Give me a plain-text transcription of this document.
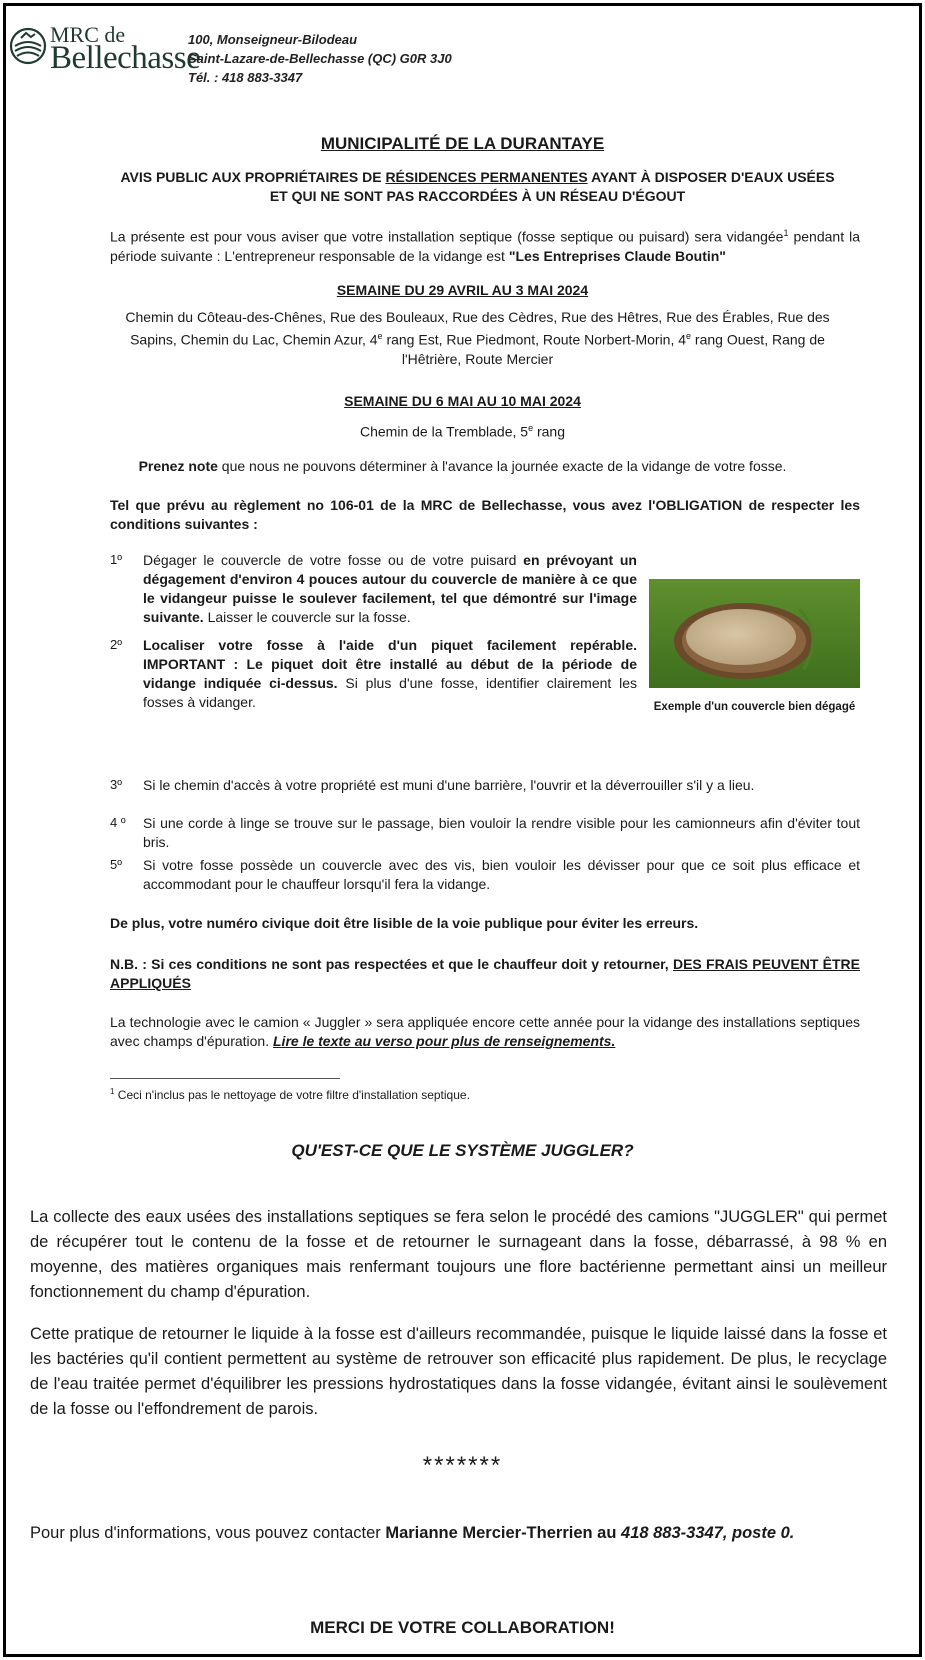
MRC de
Bellechasse
100, Monseigneur-Bilodeau
Saint-Lazare-de-Bellechasse (QC) G0R 3J0
Tél. : 418 883-3347
MUNICIPALITÉ DE LA DURANTAYE
AVIS PUBLIC AUX PROPRIÉTAIRES DE RÉSIDENCES PERMANENTES AYANT À DISPOSER D'EAUX USÉES
ET QUI NE SONT PAS RACCORDÉES À UN RÉSEAU D'ÉGOUT
La présente est pour vous aviser que votre installation septique (fosse septique ou puisard) sera vidangée$^1$ pendant la période suivante : L'entrepreneur responsable de la vidange est "Les Entreprises Claude Boutin"
SEMAINE DU 29 AVRIL AU 3 MAI 2024
Chemin du Côteau-des-Chênes, Rue des Bouleaux, Rue des Cèdres, Rue des Hêtres, Rue des Érables, Rue des
Sapins, Chemin du Lac, Chemin Azur, 4e rang Est, Rue Piedmont, Route Norbert-Morin, 4e rang Ouest, Rang de
l'Hêtrière, Route Mercier
SEMAINE DU 6 MAI AU 10 MAI 2024
Chemin de la Tremblade, 5e rang
Prenez note que nous ne pouvons déterminer à l'avance la journée exacte de la vidange de votre fosse.
Tel que prévu au règlement no 106-01 de la MRC de Bellechasse, vous avez l'OBLIGATION de respecter les conditions suivantes :
1º Dégager le couvercle de votre fosse ou de votre puisard en prévoyant un dégagement d'environ 4 pouces autour du couvercle de manière à ce que le vidangeur puisse le soulever facilement, tel que démontré sur l'image suivante. Laisser le couvercle sur la fosse.
2º Localiser votre fosse à l'aide d'un piquet facilement repérable. IMPORTANT : Le piquet doit être installé au début de la période de vidange indiquée ci-dessus. Si plus d'une fosse, identifier clairement les fosses à vidanger.	Exemple d'un couvercle bien dégagé
3º Si le chemin d'accès à votre propriété est muni d'une barrière, l'ouvrir et la déverrouiller s'il y a lieu.
4 º Si une corde à linge se trouve sur le passage, bien vouloir la rendre visible pour les camionneurs afin d'éviter tout bris.
5º Si votre fosse possède un couvercle avec des vis, bien vouloir les dévisser pour que ce soit plus efficace et accommodant pour le chauffeur lorsqu'il fera la vidange.
De plus, votre numéro civique doit être lisible de la voie publique pour éviter les erreurs.
N.B. : Si ces conditions ne sont pas respectées et que le chauffeur doit y retourner, DES FRAIS PEUVENT ÊTRE APPLIQUÉS
La technologie avec le camion « Juggler » sera appliquée encore cette année pour la vidange des installations septiques avec champs d'épuration. Lire le texte au verso pour plus de renseignements.
$^1$ Ceci n'inclus pas le nettoyage de votre filtre d'installation septique.
QU'EST-CE QUE LE SYSTÈME JUGGLER?
La collecte des eaux usées des installations septiques se fera selon le procédé des camions "JUGGLER" qui permet de récupérer tout le contenu de la fosse et de retourner le surnageant dans la fosse, débarrassé, à 98 % en moyenne, des matières organiques mais renfermant toujours une flore bactérienne permettant ainsi un meilleur fonctionnement du champ d'épuration.
Cette pratique de retourner le liquide à la fosse est d'ailleurs recommandée, puisque le liquide laissé dans la fosse et les bactéries qu'il contient permettent au système de retrouver son efficacité plus rapidement. De plus, le recyclage de l'eau traitée permet d'équilibrer les pressions hydrostatiques dans la fosse vidangée, évitant ainsi le soulèvement de la fosse ou l'effondrement de parois.
*******
Pour plus d'informations, vous pouvez contacter Marianne Mercier-Therrien au 418 883-3347, poste 0.
MERCI DE VOTRE COLLABORATION!
